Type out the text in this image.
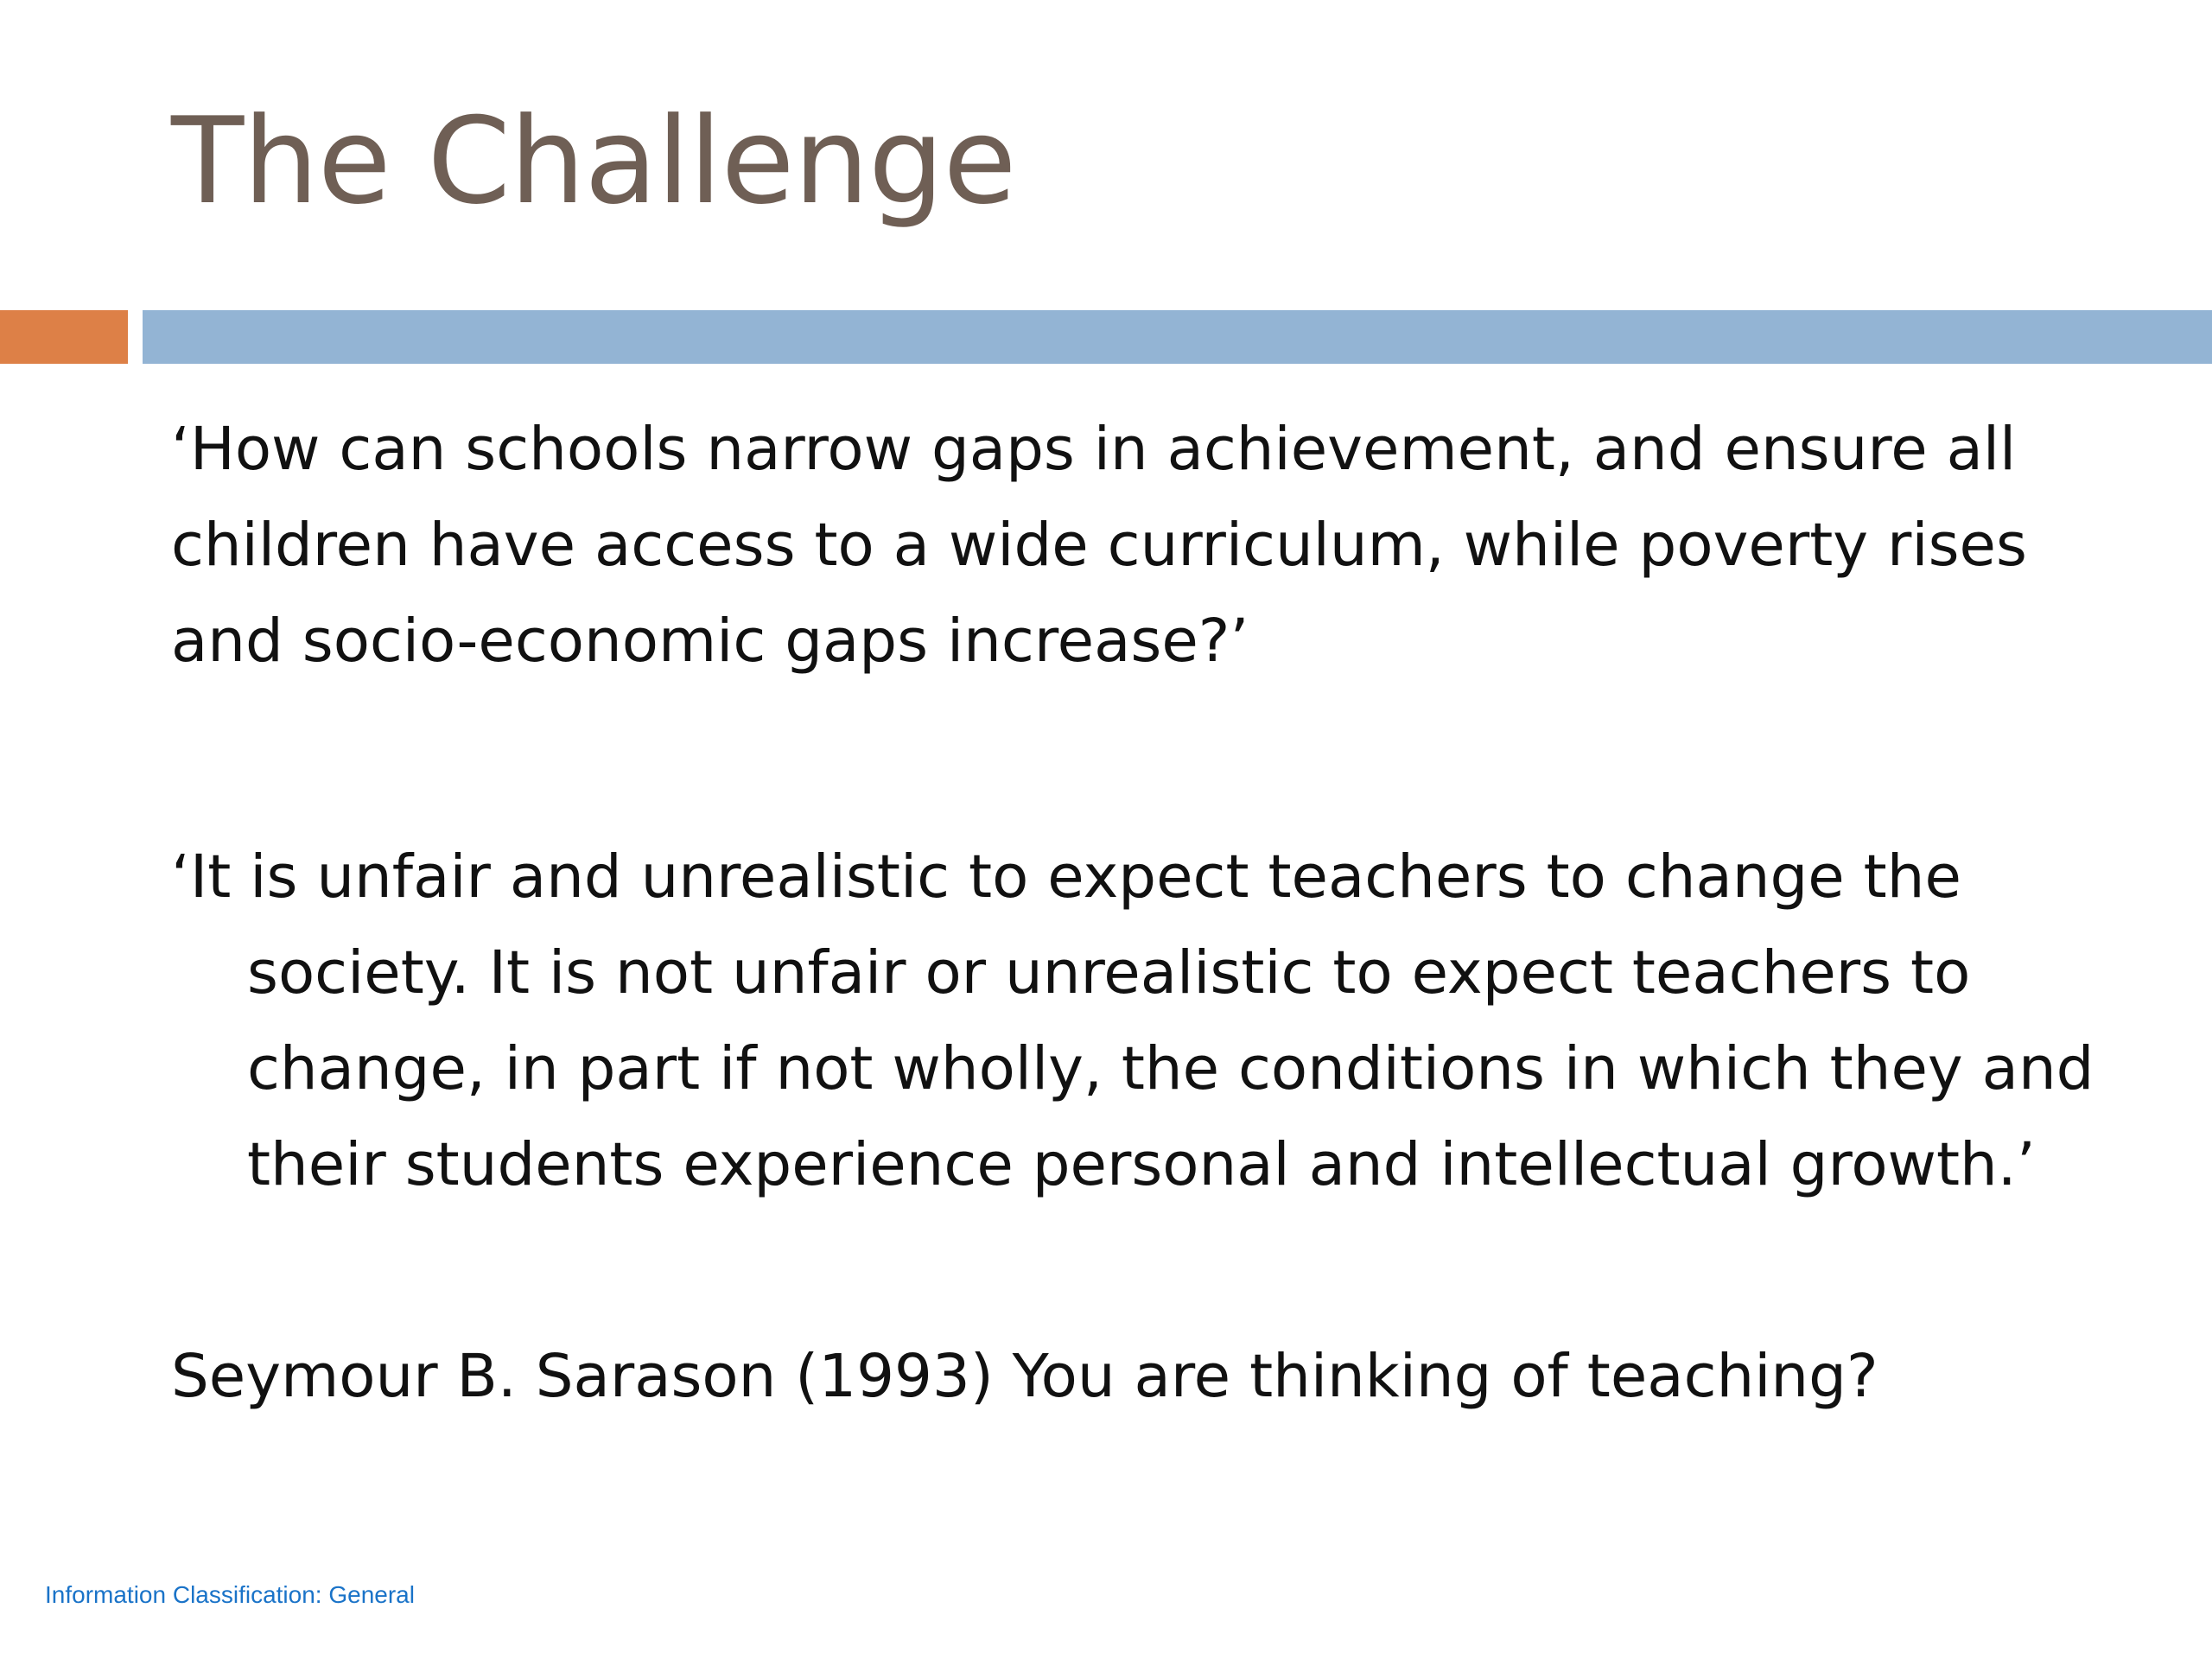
The Challenge

‘How can schools narrow gaps in achievement, and ensure all children have access to a wide curriculum, while poverty rises and socio-economic gaps increase?’

‘It is unfair and unrealistic to expect teachers to change the society. It is not unfair or unrealistic to expect teachers to change, in part if not wholly, the conditions in which they and their students experience personal and intellectual growth.’

Seymour B. Sarason (1993) You are thinking of teaching?

Information Classification: General
